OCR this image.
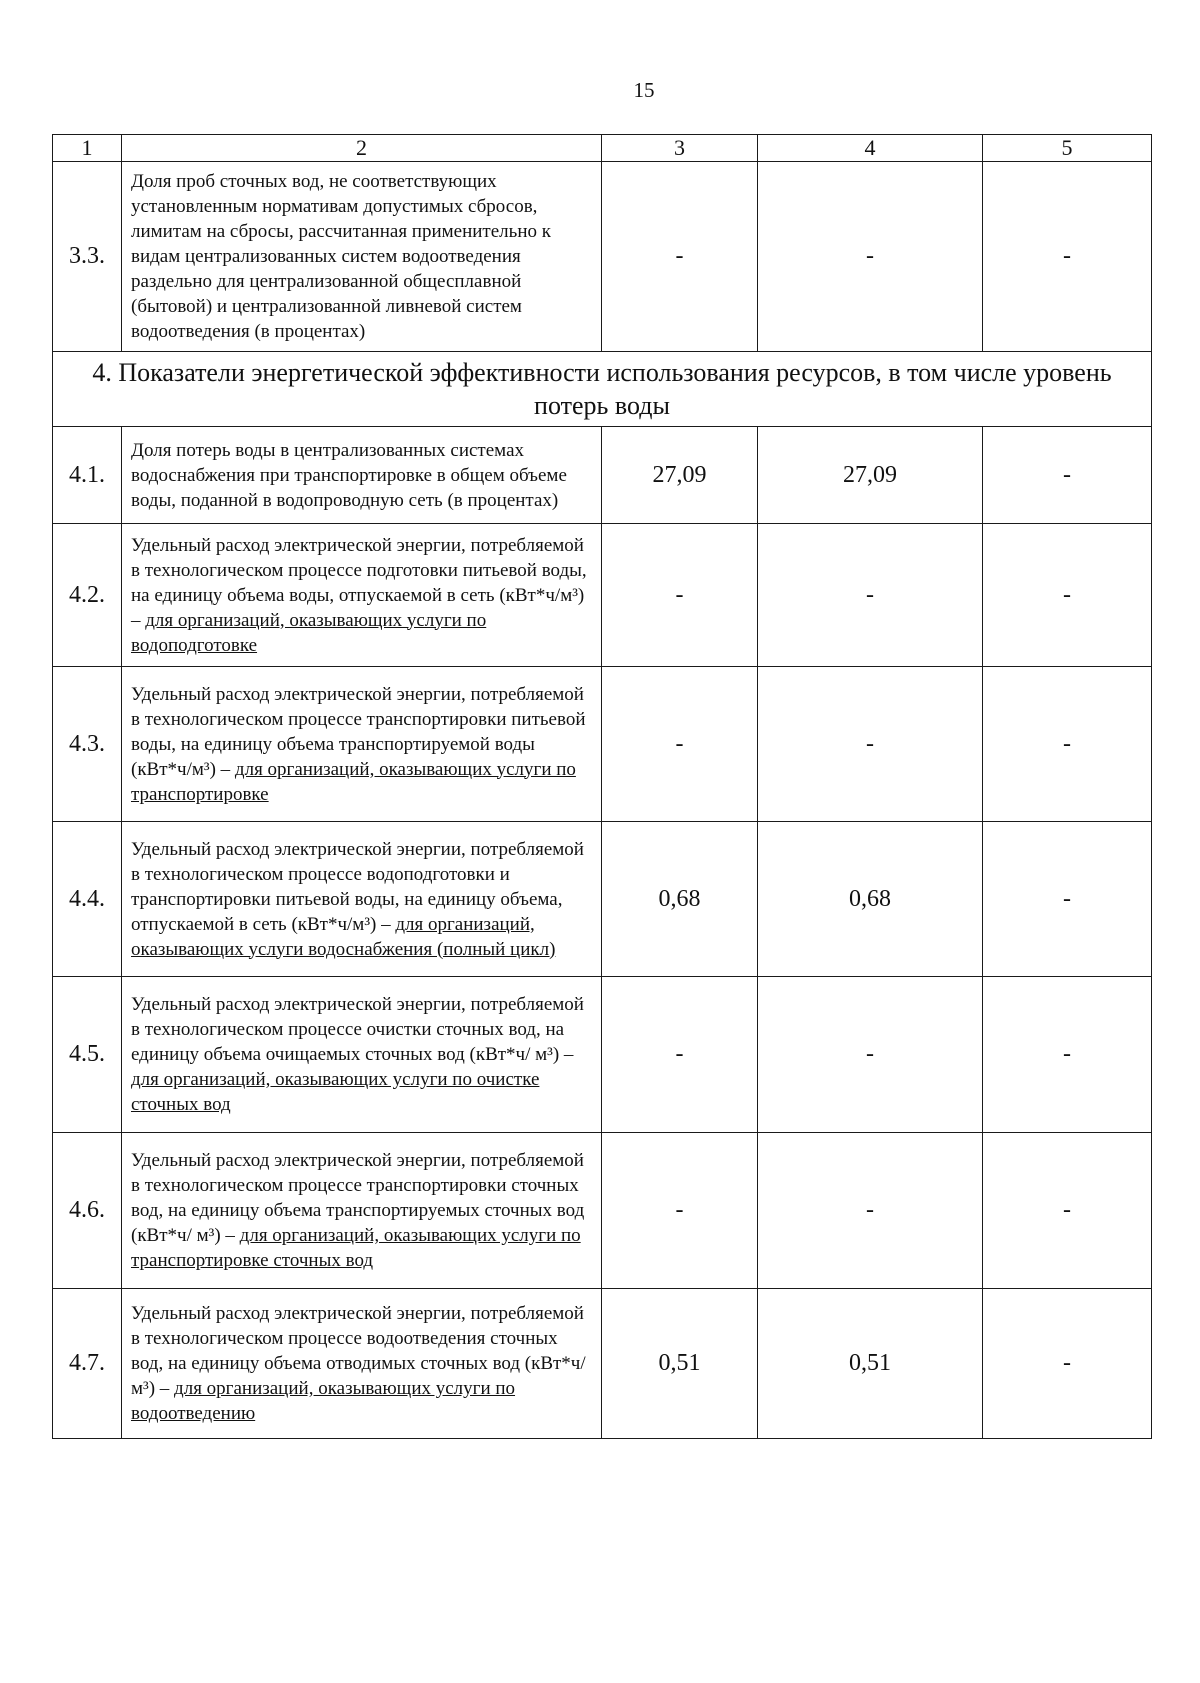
15
1	2	3	4	5
3.3.	Доля проб сточных вод, не соответствующих установленным нормативам допустимых сбросов, лимитам на сбросы, рассчитанная применительно к видам централизованных систем водоотведения раздельно для централизованной общесплавной (бытовой) и централизованной ливневой систем водоотведения (в процентах)	-	-	-
4. Показатели энергетической эффективности использования ресурсов, в том числе уровень потерь воды				
4.1.	Доля потерь воды в централизованных системах водоснабжения при транспортировке в общем объеме воды, поданной в водопроводную сеть (в процентах)	27,09	27,09	-
4.2.	Удельный расход электрической энергии, потребляемой в технологическом процессе подготовки питьевой воды, на единицу объема воды, отпускаемой в сеть (кВт*ч/м³) – для организаций, оказывающих услуги по водоподготовке	-	-	-
4.3.	Удельный расход электрической энергии, потребляемой в технологическом процессе транспортировки питьевой воды, на единицу объема транспортируемой воды (кВт*ч/м³) – для организаций, оказывающих услуги по транспортировке	-	-	-
4.4.	Удельный расход электрической энергии, потребляемой в технологическом процессе водоподготовки и транспортировки питьевой воды, на единицу объема, отпускаемой в сеть (кВт*ч/м³) – для организаций, оказывающих услуги водоснабжения (полный цикл)	0,68	0,68	-
4.5.	Удельный расход электрической энергии, потребляемой в технологическом процессе очистки сточных вод, на единицу объема очищаемых сточных вод (кВт*ч/ м³) – для организаций, оказывающих услуги по очистке сточных вод	-	-	-
4.6.	Удельный расход электрической энергии, потребляемой в технологическом процессе транспортировки сточных вод, на единицу объема транспортируемых сточных вод (кВт*ч/ м³) – для организаций, оказывающих услуги по транспортировке сточных вод	-	-	-
4.7.	Удельный расход электрической энергии, потребляемой в технологическом процессе водоотведения сточных вод, на единицу объема отводимых сточных вод (кВт*ч/ м³) – для организаций, оказывающих услуги по водоотведению	0,51	0,51	-
